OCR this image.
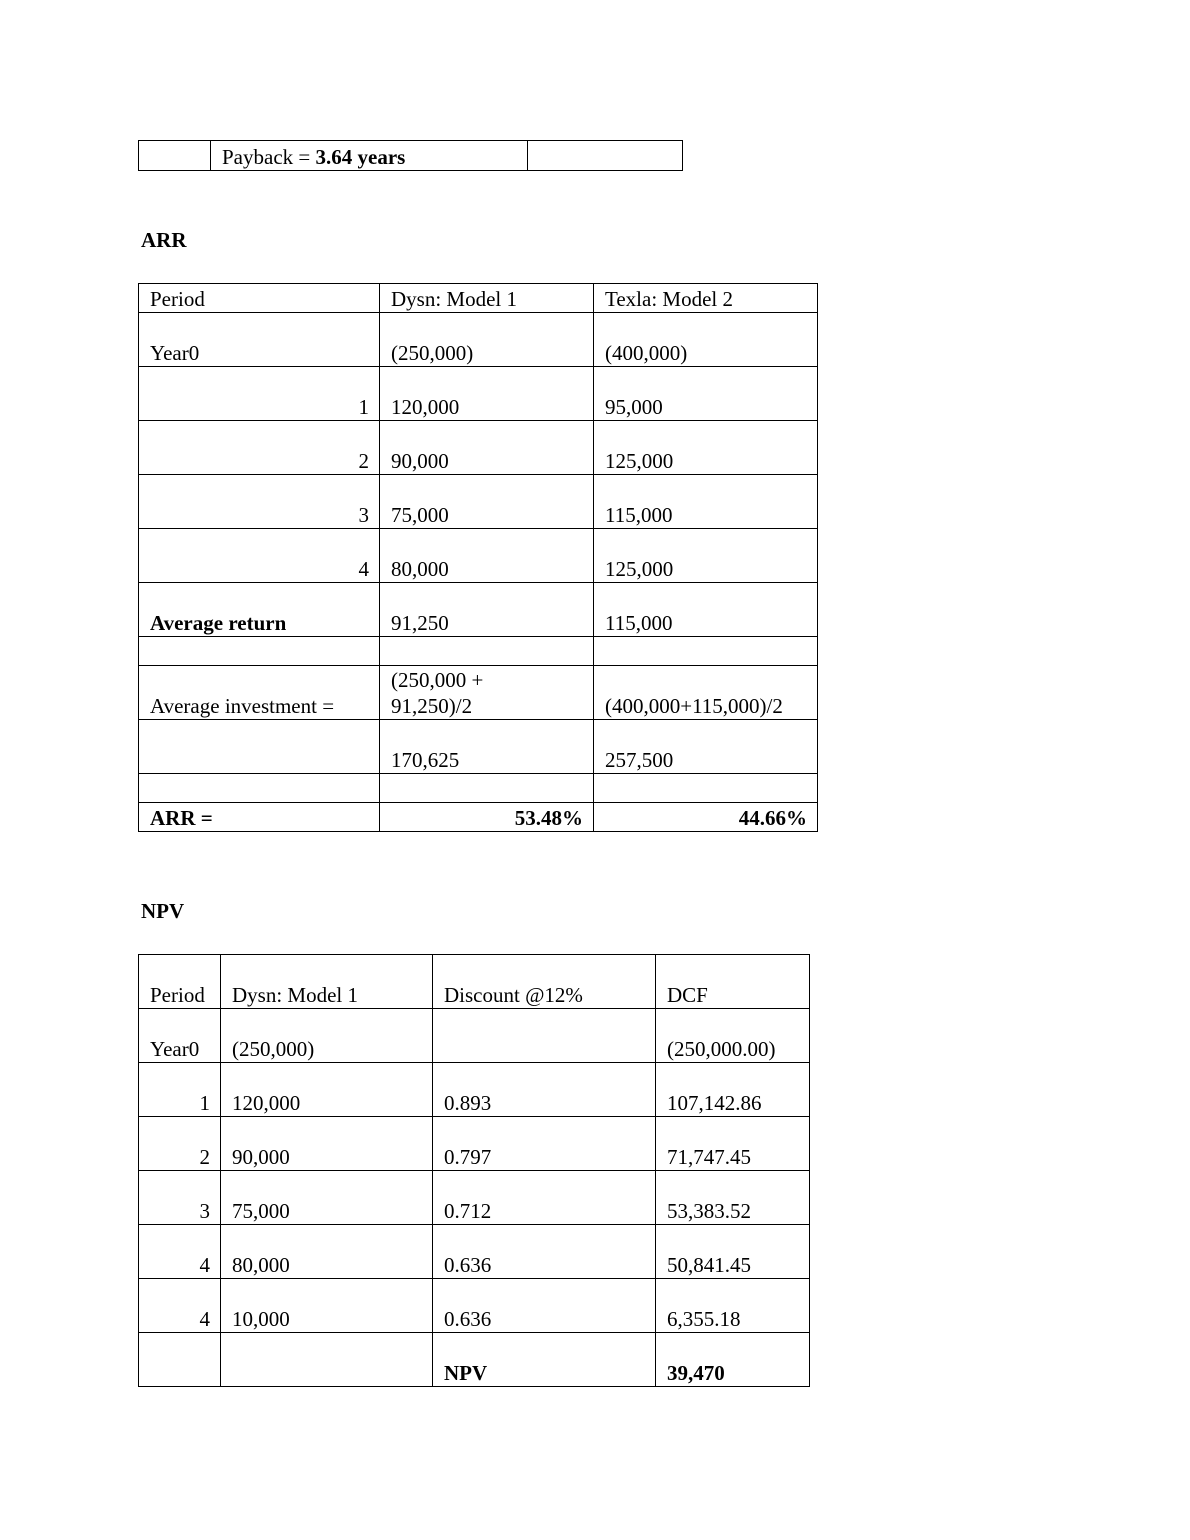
	Payback = 3.64 years	
ARR
Period	Dysn: Model 1	Texla: Model 2
Year0	(250,000)	(400,000)
1	120,000	95,000
2	90,000	125,000
3	75,000	115,000
4	80,000	125,000
Average return	91,250	115,000

Average investment =	(250,000 + 91,250)/2	(400,000+115,000)/2
	170,625	257,500

ARR =	53.48%	44.66%
NPV
Period	Dysn: Model 1	Discount @12%	DCF
Year0	(250,000)		(250,000.00)
1	120,000	0.893	107,142.86
2	90,000	0.797	71,747.45
3	75,000	0.712	53,383.52
4	80,000	0.636	50,841.45
4	10,000	0.636	6,355.18
		NPV	39,470
